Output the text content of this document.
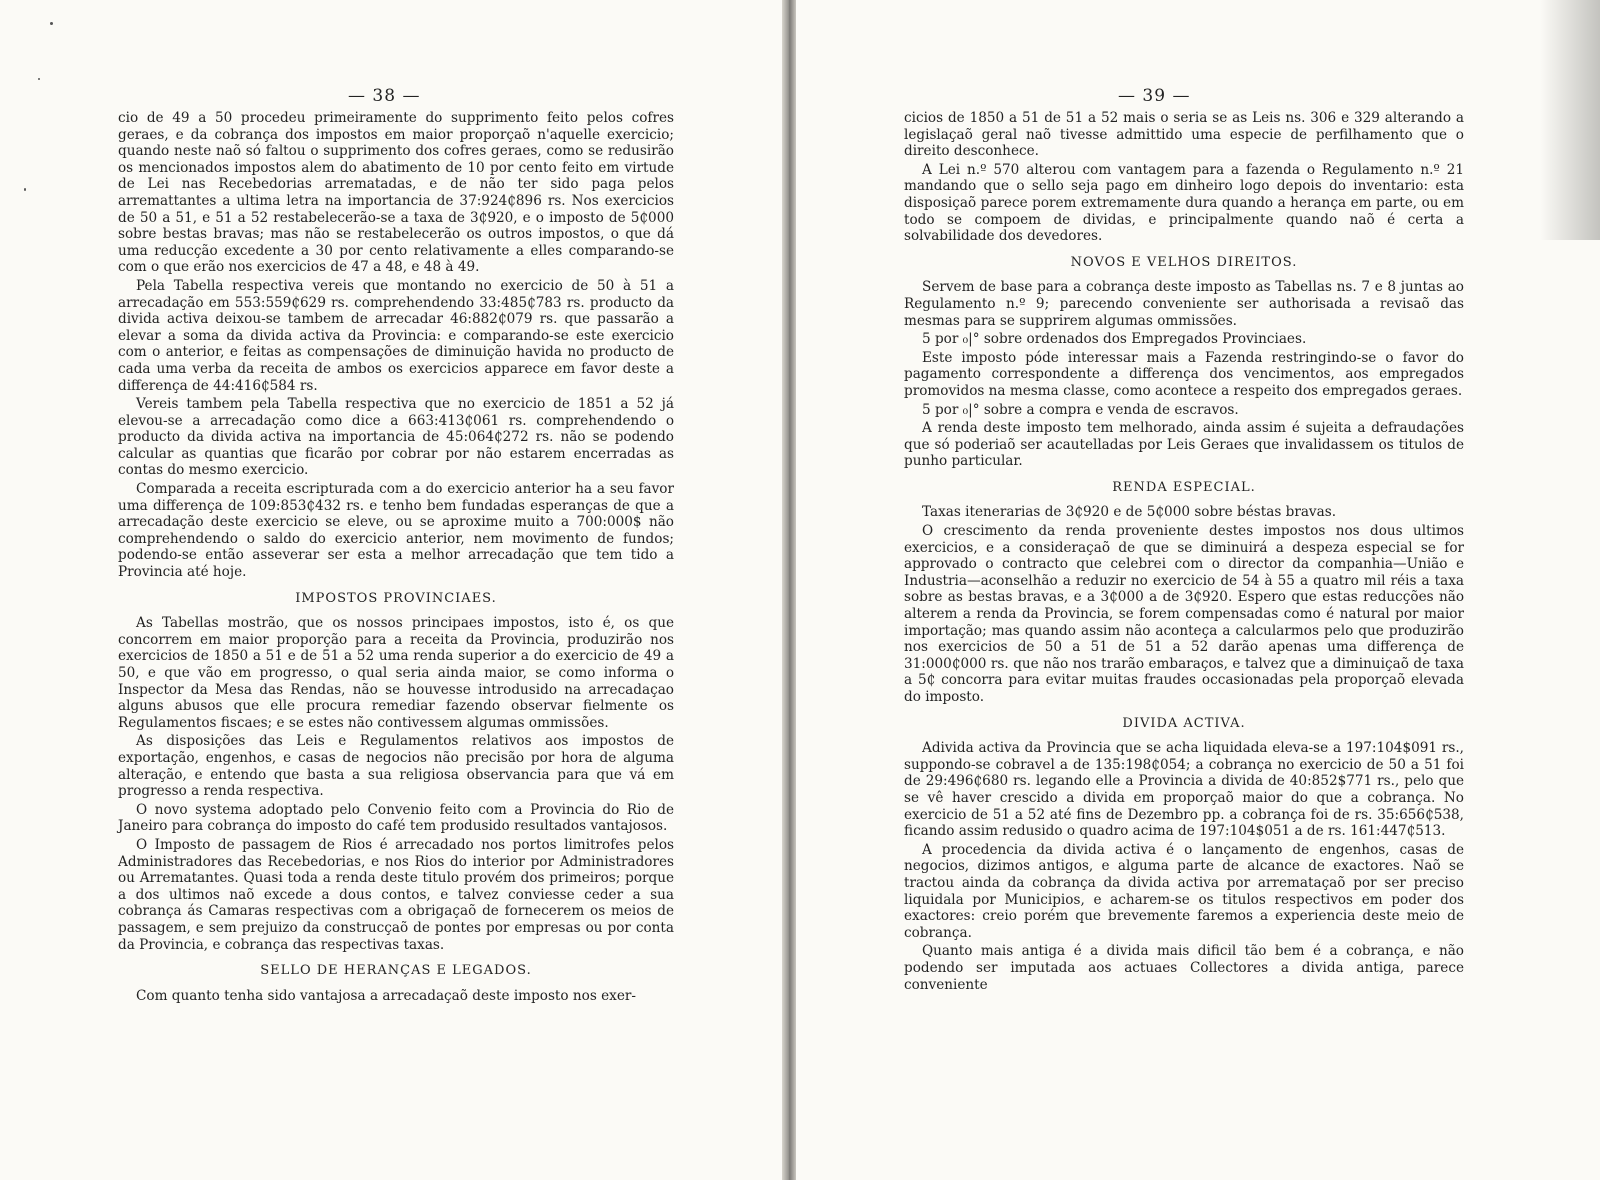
— 38 —

cio de 49 a 50 procedeu primeiramente do supprimento feito pelos cofres geraes, e da cobrança dos impostos em maior proporçaõ n'aquelle exercicio; quando neste naõ só faltou o supprimento dos cofres geraes, como se redusirão os mencionados impostos alem do abatimento de 10 por cento feito em virtude de Lei nas Recebedorias arrematadas, e de não ter sido paga pelos arremattantes a ultima letra na importancia de 37:924₵896 rs. Nos exercicios de 50 a 51, e 51 a 52 restabelecerão-se a taxa de 3₵920, e o imposto de 5₵000 sobre bestas bravas; mas não se restabelecerão os outros impostos, o que dá uma reducção excedente a 30 por cento relativamente a elles comparando-se com o que erão nos exercicios de 47 a 48, e 48 à 49.

Pela Tabella respectiva vereis que montando no exercicio de 50 à 51 a arrecadação em 553:559₵629 rs. comprehendendo 33:485₵783 rs. producto da divida activa deixou-se tambem de arrecadar 46:882₵079 rs. que passarão a elevar a soma da divida activa da Provincia: e comparando-se este exercicio com o anterior, e feitas as compensações de diminuição havida no producto de cada uma verba da receita de ambos os exercicios apparece em favor deste a differença de 44:416₵584 rs.

Vereis tambem pela Tabella respectiva que no exercicio de 1851 a 52 já elevou-se a arrecadação como dice a 663:413₵061 rs. comprehendendo o producto da divida activa na importancia de 45:064₵272 rs. não se podendo calcular as quantias que ficarão por cobrar por não estarem encerradas as contas do mesmo exercicio.

Comparada a receita escripturada com a do exercicio anterior ha a seu favor uma differença de 109:853₵432 rs. e tenho bem fundadas esperanças de que a arrecadação deste exercicio se eleve, ou se aproxime muito a 700:000$ não comprehendendo o saldo do exercicio anterior, nem movimento de fundos; podendo-se então asseverar ser esta a melhor arrecadação que tem tido a Provincia até hoje.

IMPOSTOS PROVINCIAES.

As Tabellas mostrão, que os nossos principaes impostos, isto é, os que concorrem em maior proporção para a receita da Provincia, produzirão nos exercicios de 1850 a 51 e de 51 a 52 uma renda superior a do exercicio de 49 a 50, e que vão em progresso, o qual seria ainda maior, se como informa o Inspector da Mesa das Rendas, não se houvesse introdusido na arrecadaçao alguns abusos que elle procura remediar fazendo observar fielmente os Regulamentos fiscaes; e se estes não contivessem algumas ommissões.

As disposições das Leis e Regulamentos relativos aos impostos de exportação, engenhos, e casas de negocios não precisão por hora de alguma alteração, e entendo que basta a sua religiosa observancia para que vá em progresso a renda respectiva.

O novo systema adoptado pelo Convenio feito com a Provincia do Rio de Janeiro para cobrança do imposto do café tem produsido resultados vantajosos.

O Imposto de passagem de Rios é arrecadado nos portos limitrofes pelos Administradores das Recebedorias, e nos Rios do interior por Administradores ou Arrematantes. Quasi toda a renda deste titulo provém dos primeiros; porque a dos ultimos naõ excede a dous contos, e talvez conviesse ceder a sua cobrança ás Camaras respectivas com a obrigaçaõ de fornecerem os meios de passagem, e sem prejuizo da construcçaõ de pontes por empresas ou por conta da Provincia, e cobrança das respectivas taxas.

SELLO DE HERANÇAS E LEGADOS.

Com quanto tenha sido vantajosa a arrecadaçaõ deste imposto nos exer-

— 39 —

cicios de 1850 a 51 de 51 a 52 mais o seria se as Leis ns. 306 e 329 alterando a legislaçaõ geral naõ tivesse admittido uma especie de perfilhamento que o direito desconhece.

A Lei n.º 570 alterou com vantagem para a fazenda o Regulamento n.º 21 mandando que o sello seja pago em dinheiro logo depois do inventario: esta disposiçaõ parece porem extremamente dura quando a herança em parte, ou em todo se compoem de dividas, e principalmente quando naõ é certa a solvabilidade dos devedores.

NOVOS E VELHOS DIREITOS.

Servem de base para a cobrança deste imposto as Tabellas ns. 7 e 8 juntas ao Regulamento n.º 9; parecendo conveniente ser authorisada a revisaõ das mesmas para se supprirem algumas ommissões.

5 por ₀|° sobre ordenados dos Empregados Provinciaes.

Este imposto póde interessar mais a Fazenda restringindo-se o favor do pagamento correspondente a differença dos vencimentos, aos empregados promovidos na mesma classe, como acontece a respeito dos empregados geraes.

5 por ₀|° sobre a compra e venda de escravos.

A renda deste imposto tem melhorado, ainda assim é sujeita a defraudações que só poderiaõ ser acautelladas por Leis Geraes que invalidassem os titulos de punho particular.

RENDA ESPECIAL.

Taxas itenerarias de 3₵920 e de 5₵000 sobre béstas bravas.

O crescimento da renda proveniente destes impostos nos dous ultimos exercicios, e a consideraçaõ de que se diminuirá a despeza especial se for approvado o contracto que celebrei com o director da companhia—União e Industria—aconselhão a reduzir no exercicio de 54 à 55 a quatro mil réis a taxa sobre as bestas bravas, e a 3₵000 a de 3₵920. Espero que estas reducções não alterem a renda da Provincia, se forem compensadas como é natural por maior importação; mas quando assim não aconteça a calcularmos pelo que produzirão nos exercicios de 50 a 51 de 51 a 52 darão apenas uma differença de 31:000₵000 rs. que não nos trarão embaraços, e talvez que a diminuiçaõ de taxa a 5₵ concorra para evitar muitas fraudes occasionadas pela proporçaõ elevada do imposto.

DIVIDA ACTIVA.

Adivida activa da Provincia que se acha liquidada eleva-se a 197:104$091 rs., suppondo-se cobravel a de 135:198₵054; a cobrança no exercicio de 50 a 51 foi de 29:496₵680 rs. legando elle a Provincia a divida de 40:852$771 rs., pelo que se vê haver crescido a divida em proporçaõ maior do que a cobrança. No exercicio de 51 a 52 até fins de Dezembro pp. a cobrança foi de rs. 35:656₵538, ficando assim redusido o quadro acima de 197:104$051 a de rs. 161:447₵513.

A procedencia da divida activa é o lançamento de engenhos, casas de negocios, dizimos antigos, e alguma parte de alcance de exactores. Naõ se tractou ainda da cobrança da divida activa por arremataçaõ por ser preciso liquidala por Municipios, e acharem-se os titulos respectivos em poder dos exactores: creio porém que brevemente faremos a experiencia deste meio de cobrança.

Quanto mais antiga é a divida mais dificil tão bem é a cobrança, e não podendo ser imputada aos actuaes Collectores a divida antiga, parece conveniente
